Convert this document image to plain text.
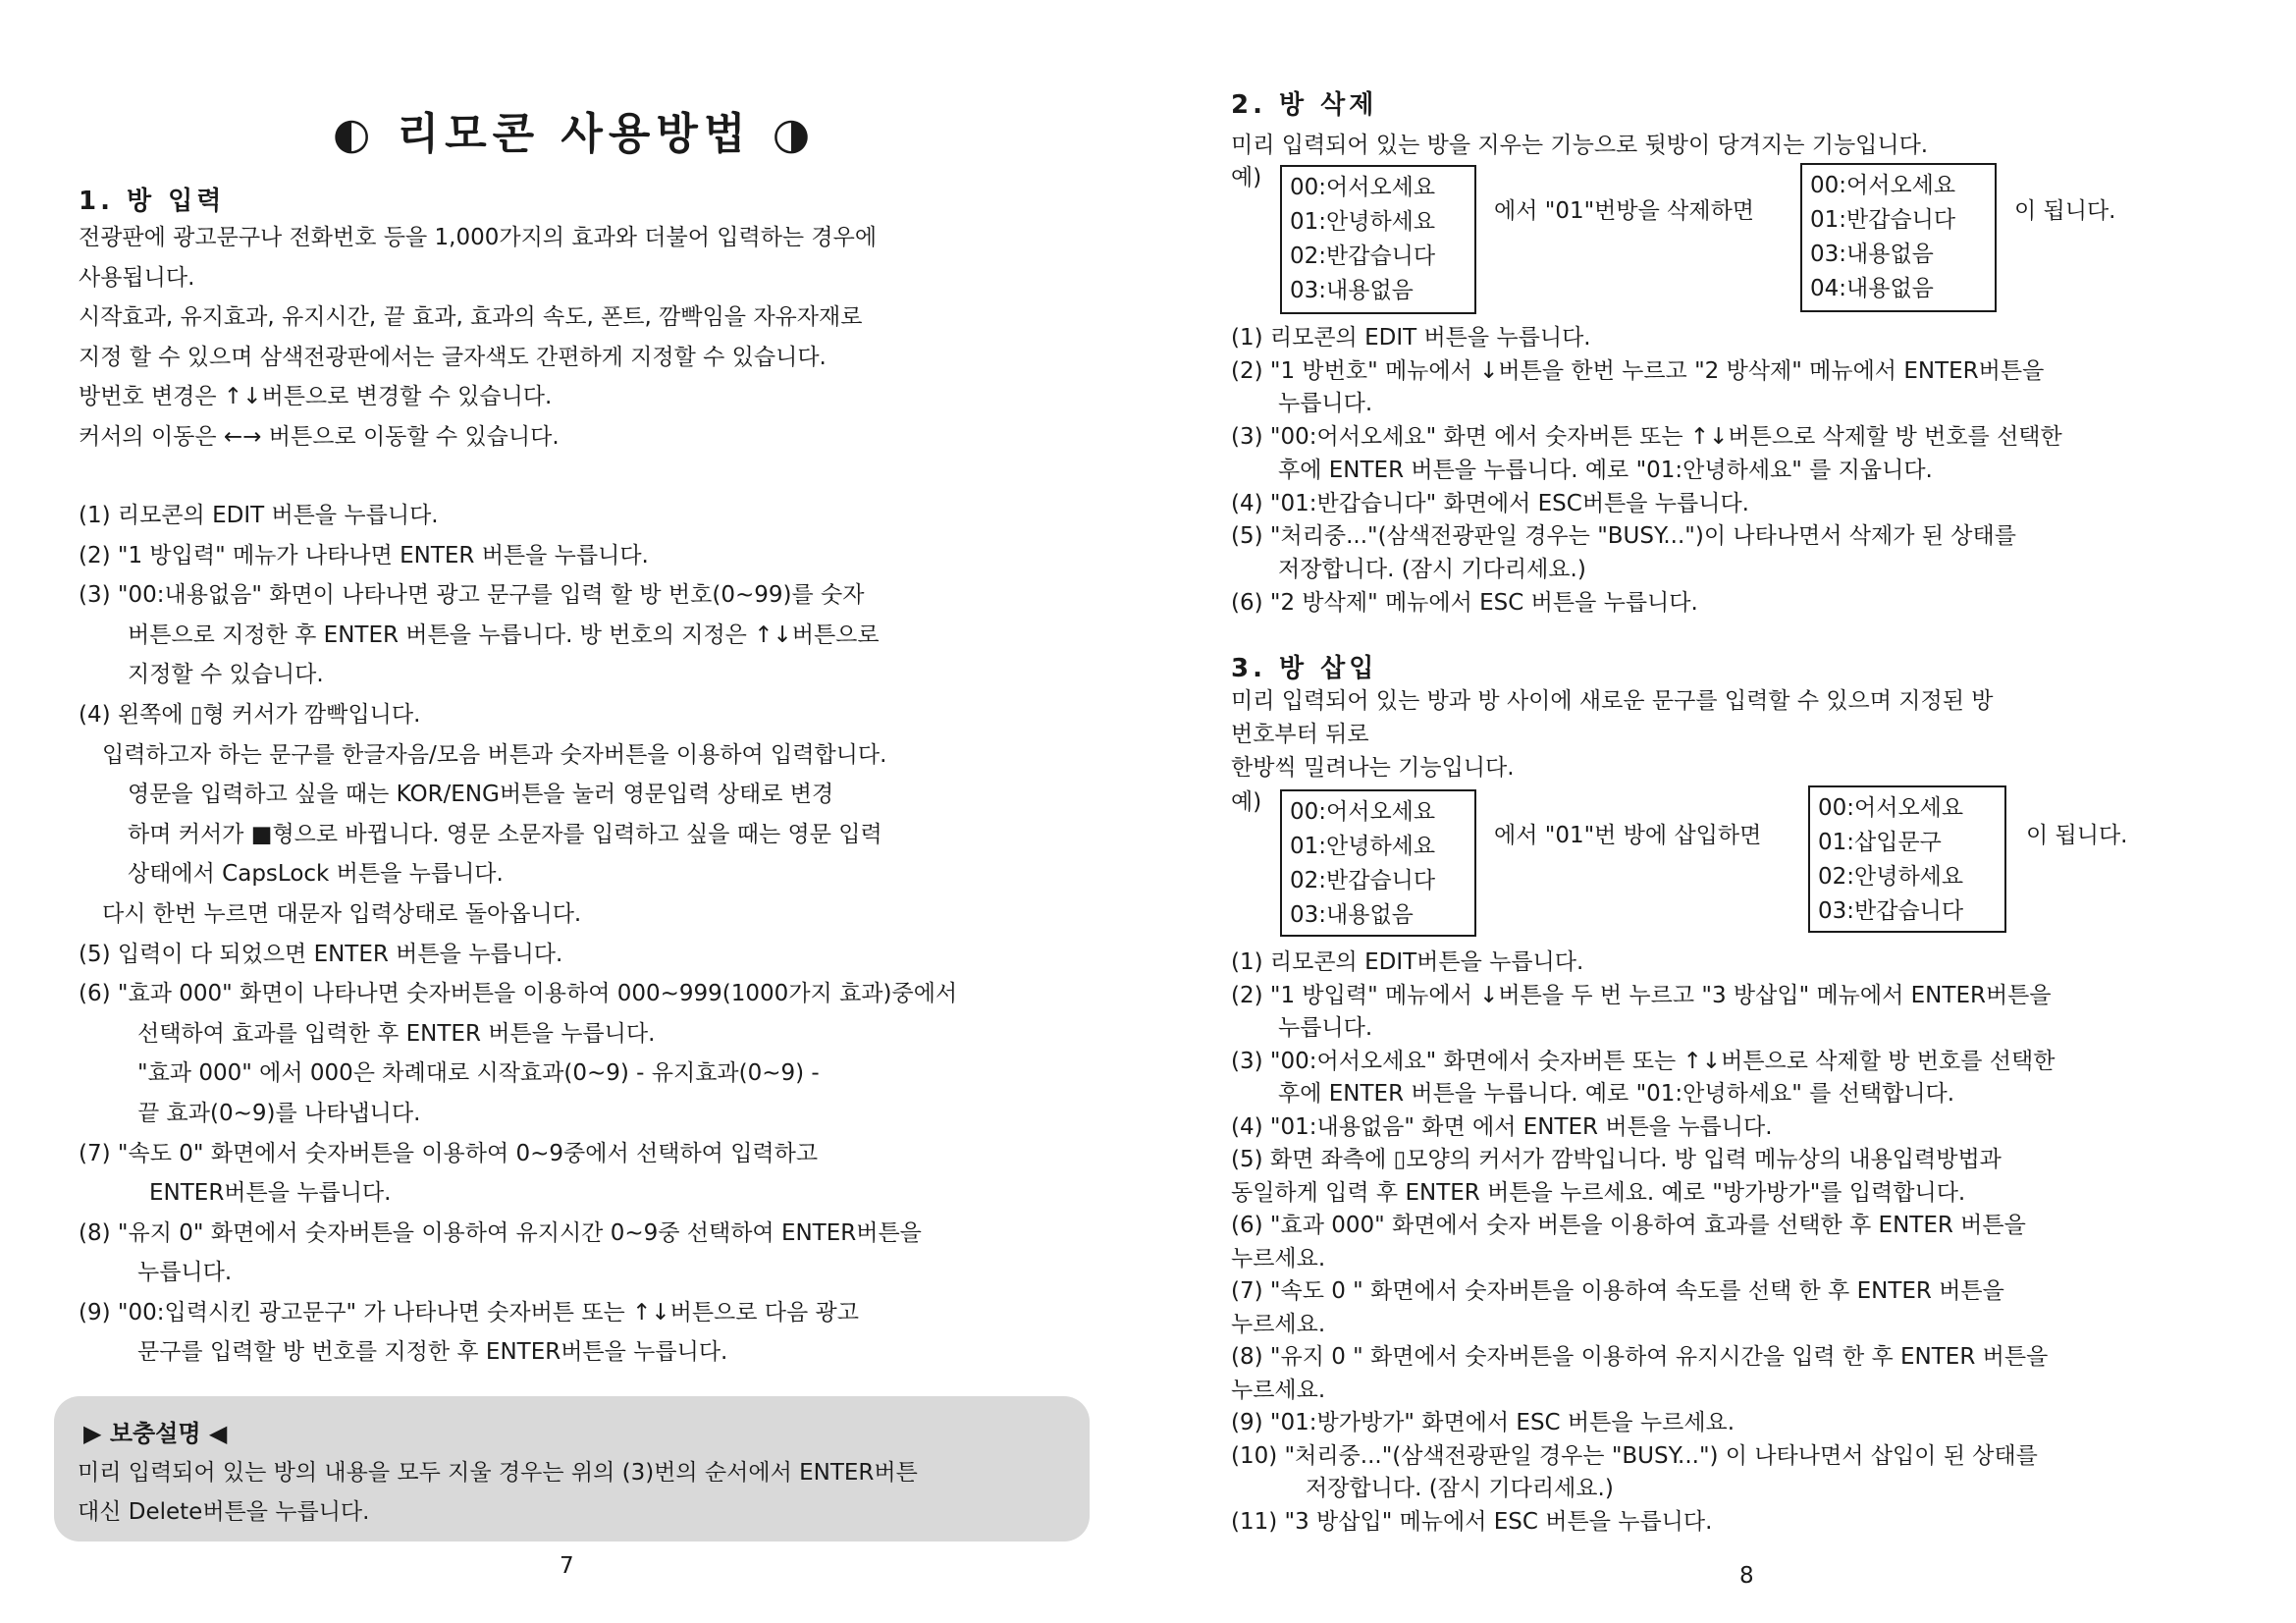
◐ 리모콘 사용방법 ◑
1. 방 입력
전광판에 광고문구나 전화번호 등을 1,000가지의 효과와 더불어 입력하는 경우에
사용됩니다.
시작효과, 유지효과, 유지시간, 끝 효과, 효과의 속도, 폰트, 깜빡임을 자유자재로
지정 할 수 있으며 삼색전광판에서는 글자색도 간편하게 지정할 수 있습니다.
방번호 변경은 ↑↓버튼으로 변경할 수 있습니다.
커서의 이동은 ←→ 버튼으로 이동할 수 있습니다.
(1) 리모콘의 EDIT 버튼을 누릅니다.
(2) "1 방입력" 메뉴가 나타나면 ENTER 버튼을 누릅니다.
(3) "00:내용없음" 화면이 나타나면 광고 문구를 입력 할 방 번호(0~99)를 숫자
버튼으로 지정한 후 ENTER 버튼을 누릅니다. 방 번호의 지정은 ↑↓버튼으로
지정할 수 있습니다.
(4) 왼쪽에 ▯형 커서가 깜빡입니다.
입력하고자 하는 문구를 한글자음/모음 버튼과 숫자버튼을 이용하여 입력합니다.
영문을 입력하고 싶을 때는 KOR/ENG버튼을 눌러 영문입력 상태로 변경
하며 커서가 ■형으로 바뀝니다. 영문 소문자를 입력하고 싶을 때는 영문 입력
상태에서 CapsLock 버튼을 누릅니다.
다시 한번 누르면 대문자 입력상태로 돌아옵니다.
(5) 입력이 다 되었으면 ENTER 버튼을 누릅니다.
(6) "효과 000" 화면이 나타나면 숫자버튼을 이용하여 000~999(1000가지 효과)중에서
선택하여 효과를 입력한 후 ENTER 버튼을 누릅니다.
"효과 000" 에서 000은 차례대로 시작효과(0~9) - 유지효과(0~9) -
끝 효과(0~9)를 나타냅니다.
(7) "속도 0" 화면에서 숫자버튼을 이용하여 0~9중에서 선택하여 입력하고
ENTER버튼을 누릅니다.
(8) "유지 0" 화면에서 숫자버튼을 이용하여 유지시간 0~9중 선택하여 ENTER버튼을
누릅니다.
(9) "00:입력시킨 광고문구" 가 나타나면 숫자버튼 또는 ↑↓버튼으로 다음 광고
문구를 입력할 방 번호를 지정한 후 ENTER버튼을 누릅니다.
▶ 보충설명 ◀
미리 입력되어 있는 방의 내용을 모두 지울 경우는 위의 (3)번의 순서에서 ENTER버튼
대신 Delete버튼을 누릅니다.
7
2. 방 삭제
미리 입력되어 있는 방을 지우는 기능으로 뒷방이 당겨지는 기능입니다.
예) 00:어서오세요
01:안녕하세요
02:반갑습니다
03:내용없음
에서 "01"번방을 삭제하면
00:어서오세요
01:반갑습니다
03:내용없음
04:내용없음
이 됩니다.
(1) 리모콘의 EDIT 버튼을 누릅니다.
(2) "1 방번호" 메뉴에서 ↓버튼을 한번 누르고 "2 방삭제" 메뉴에서 ENTER버튼을
누릅니다.
(3) "00:어서오세요" 화면 에서 숫자버튼 또는 ↑↓버튼으로 삭제할 방 번호를 선택한
후에 ENTER 버튼을 누릅니다. 예로 "01:안녕하세요" 를 지웁니다.
(4) "01:반갑습니다" 화면에서 ESC버튼을 누릅니다.
(5) "처리중..."(삼색전광판일 경우는 "BUSY...")이 나타나면서 삭제가 된 상태를
저장합니다. (잠시 기다리세요.)
(6) "2 방삭제" 메뉴에서 ESC 버튼을 누릅니다.
3. 방 삽입
미리 입력되어 있는 방과 방 사이에 새로운 문구를 입력할 수 있으며 지정된 방
번호부터 뒤로
한방씩 밀려나는 기능입니다.
예) 00:어서오세요
01:안녕하세요
02:반갑습니다
03:내용없음
에서 "01"번 방에 삽입하면
00:어서오세요
01:삽입문구
02:안녕하세요
03:반갑습니다
이 됩니다.
(1) 리모콘의 EDIT버튼을 누릅니다.
(2) "1 방입력" 메뉴에서 ↓버튼을 두 번 누르고 "3 방삽입" 메뉴에서 ENTER버튼을
누릅니다.
(3) "00:어서오세요" 화면에서 숫자버튼 또는 ↑↓버튼으로 삭제할 방 번호를 선택한
후에 ENTER 버튼을 누릅니다. 예로 "01:안녕하세요" 를 선택합니다.
(4) "01:내용없음" 화면 에서 ENTER 버튼을 누릅니다.
(5) 화면 좌측에 ▯모양의 커서가 깜박입니다. 방 입력 메뉴상의 내용입력방법과
동일하게 입력 후 ENTER 버튼을 누르세요. 예로 "방가방가"를 입력합니다.
(6) "효과 000" 화면에서 숫자 버튼을 이용하여 효과를 선택한 후 ENTER 버튼을
누르세요.
(7) "속도 0 " 화면에서 숫자버튼을 이용하여 속도를 선택 한 후 ENTER 버튼을
누르세요.
(8) "유지 0 " 화면에서 숫자버튼을 이용하여 유지시간을 입력 한 후 ENTER 버튼을
누르세요.
(9) "01:방가방가" 화면에서 ESC 버튼을 누르세요.
(10) "처리중..."(삼색전광판일 경우는 "BUSY...") 이 나타나면서 삽입이 된 상태를
저장합니다. (잠시 기다리세요.)
(11) "3 방삽입" 메뉴에서 ESC 버튼을 누릅니다.
8
